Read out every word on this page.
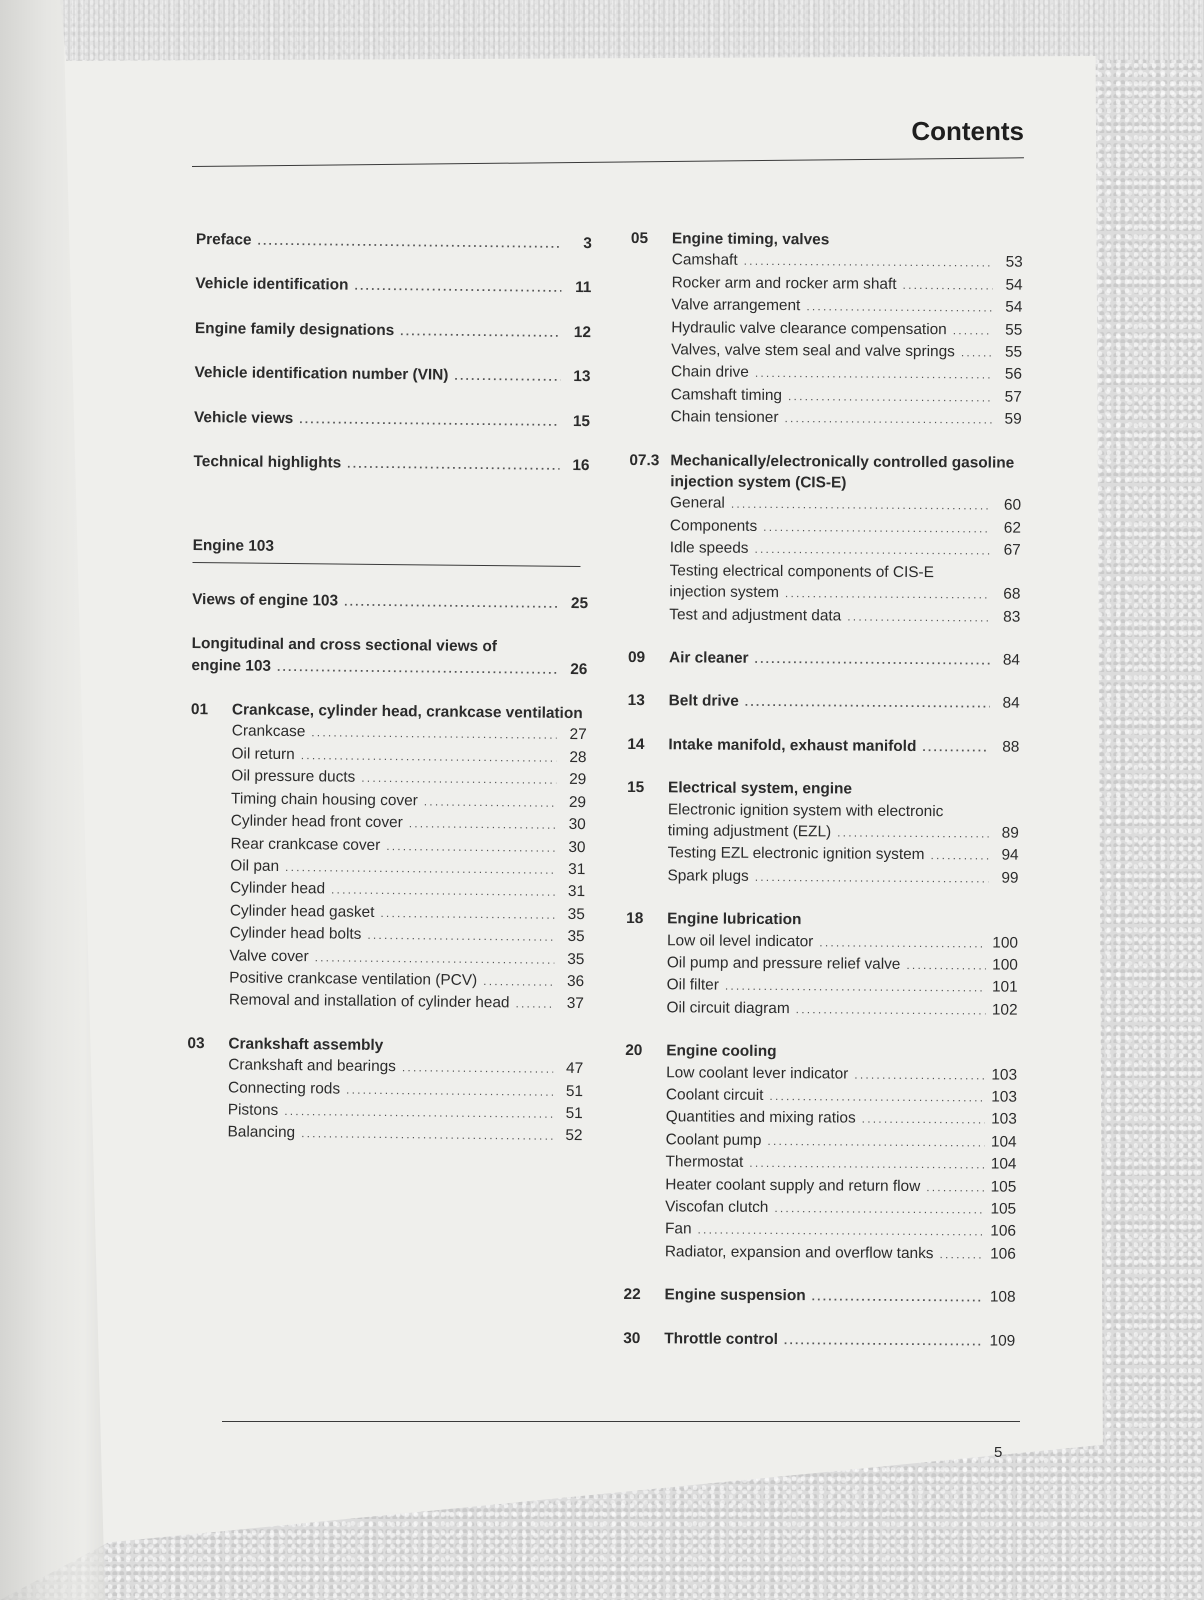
Contents
Preface .....	3
Vehicle identification .....	11
Engine family designations .....	12
Vehicle identification number (VIN) .....	13
Vehicle views .....	15
Technical highlights .....	16
Engine 103
Views of engine 103 .....	25
Longitudinal and cross sectional views of
engine 103 .....	26
01	Crankcase, cylinder head, crankcase ventilation
Crankcase .....	27
Oil return .....	28
Oil pressure ducts .....	29
Timing chain housing cover .....	29
Cylinder head front cover .....	30
Rear crankcase cover .....	30
Oil pan .....	31
Cylinder head .....	31
Cylinder head gasket .....	35
Cylinder head bolts .....	35
Valve cover .....	35
Positive crankcase ventilation (PCV) .....	36
Removal and installation of cylinder head .....	37
03	Crankshaft assembly
Crankshaft and bearings .....	47
Connecting rods .....	51
Pistons .....	51
Balancing .....	52
05	Engine timing, valves
Camshaft .....	53
Rocker arm and rocker arm shaft .....	54
Valve arrangement .....	54
Hydraulic valve clearance compensation .....	55
Valves, valve stem seal and valve springs .....	55
Chain drive .....	56
Camshaft timing .....	57
Chain tensioner .....	59
07.3 Mechanically/electronically controlled gasoline injection system (CIS-E)
General .....	60
Components .....	62
Idle speeds .....	67
Testing electrical components of CIS-E
injection system .....	68
Test and adjustment data .....	83
09	Air cleaner .....	84
13	Belt drive .....	84
14	Intake manifold, exhaust manifold .....	88
15	Electrical system, engine
Electronic ignition system with electronic
timing adjustment (EZL) .....	89
Testing EZL electronic ignition system .....	94
Spark plugs .....	99
18	Engine lubrication
Low oil level indicator .....	100
Oil pump and pressure relief valve .....	100
Oil filter .....	101
Oil circuit diagram .....	102
20	Engine cooling
Low coolant lever indicator .....	103
Coolant circuit .....	103
Quantities and mixing ratios .....	103
Coolant pump .....	104
Thermostat .....	104
Heater coolant supply and return flow .....	105
Viscofan clutch .....	105
Fan .....	106
Radiator, expansion and overflow tanks .....	106
22	Engine suspension .....	108
30	Throttle control .....	109
5
